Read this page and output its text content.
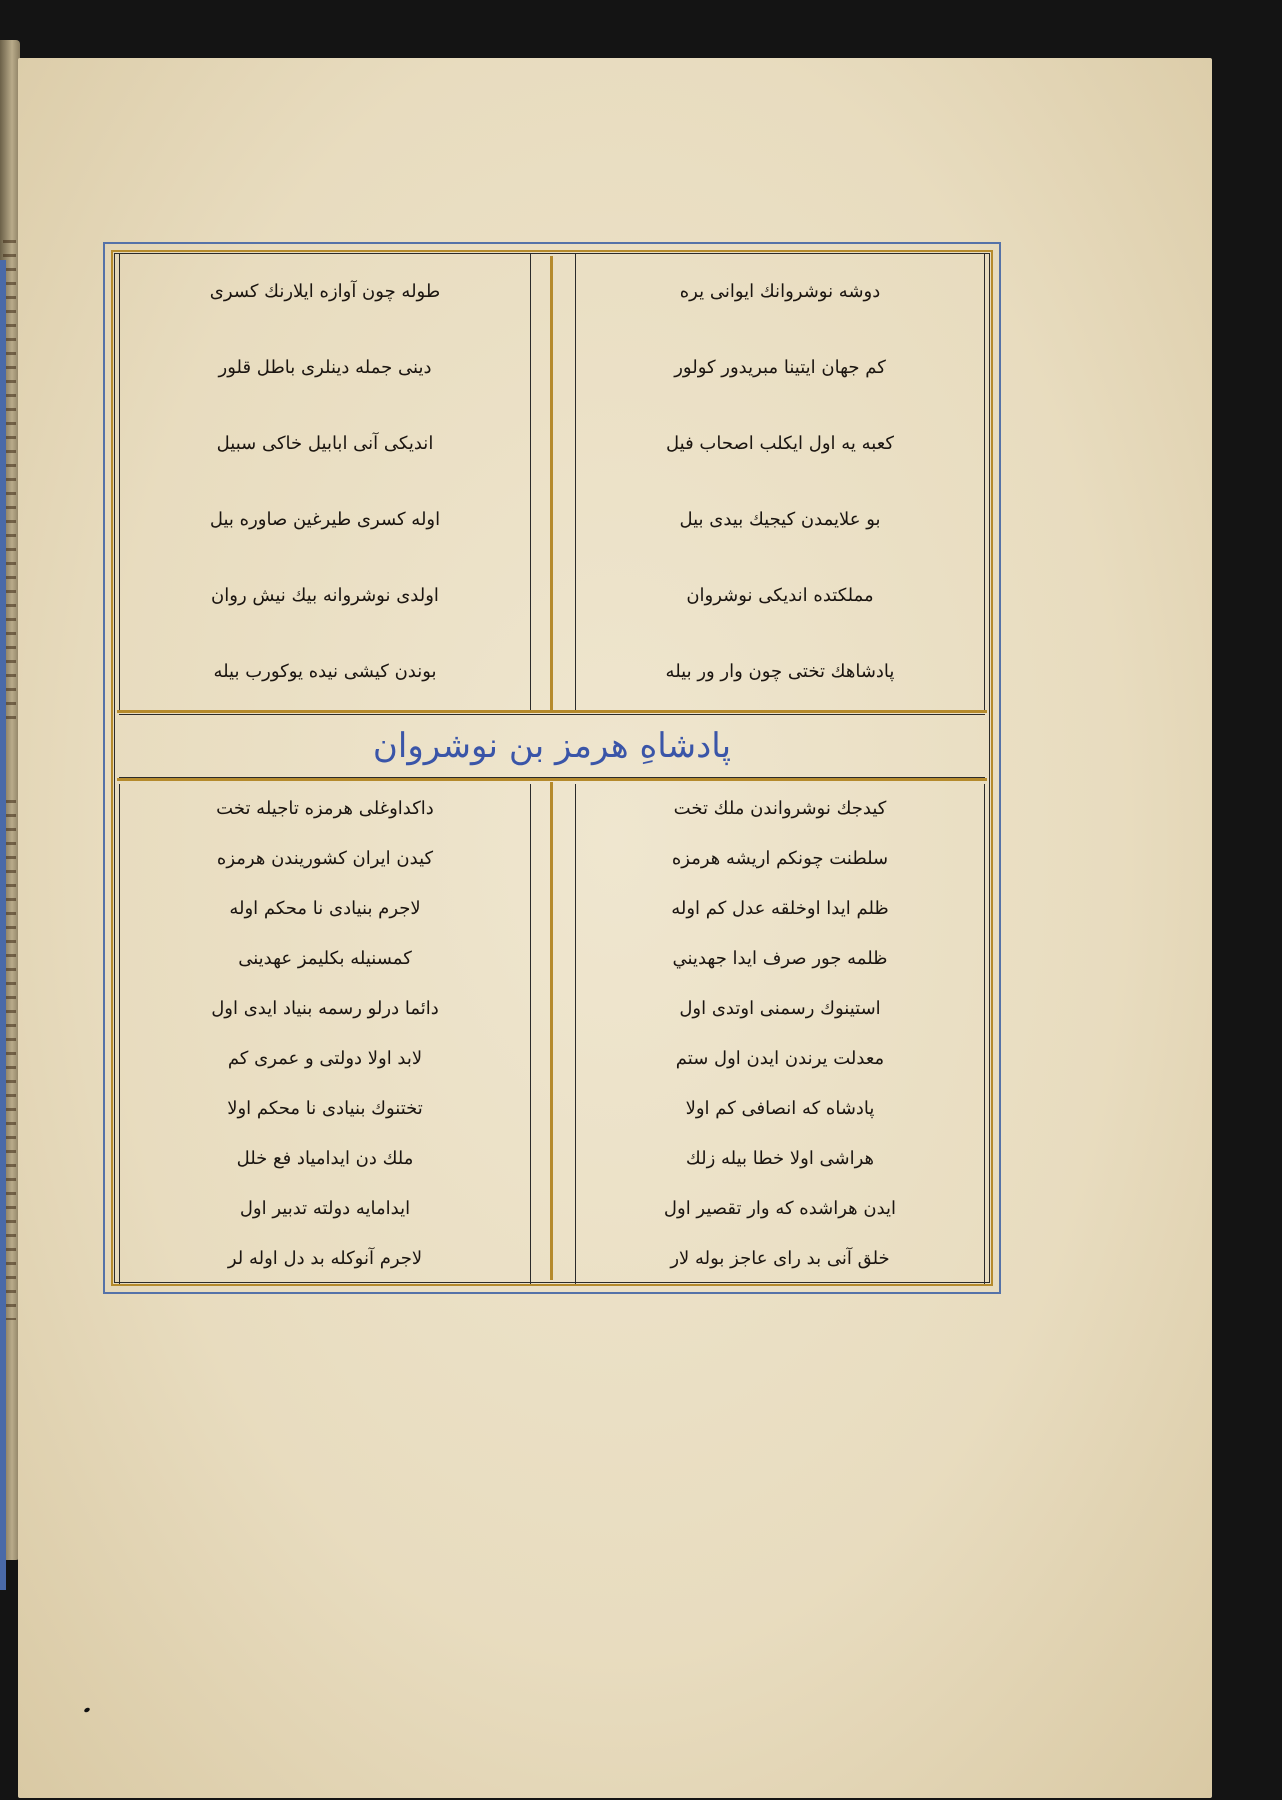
دوشه نوشروانك ايوانى يره
كم جهان ايتينا مبريدور كولور
كعبه يه اول ايكلب اصحاب فيل
بو علايمدن كيجيك بيدى بيل
مملكتده انديكى نوشروان
پادشاهك تختى چون وار ور بيله
طوله چون آوازه ايلارنك كسرى
دينى جمله دينلرى باطل قلور
انديكى آنى ابابيل خاكى سبيل
اوله كسرى طيرغين صاوره بيل
اولدى نوشروانه بيك نيش روان
بوندن كيشى نيده يوكورب بيله
پادشاهِ هرمز بن نوشروان
كيدجك نوشرواندن ملك تخت
سلطنت چونكم اريشه هرمزه
ظلم ايدا اوخلقه عدل كم اوله
ظلمه جور صرف ايدا جهديني
استينوك رسمنى اوتدى اول
معدلت يرندن ايدن اول ستم
پادشاه كه انصافى كم اولا
هراشى اولا خطا بيله زلك
ايدن هراشده كه وار تقصير اول
خلق آنى بد راى عاجز بوله لار
داكداوغلى هرمزه تاجيله تخت
كيدن ايران كشوريندن هرمزه
لاجرم بنيادى نا محكم اوله
كمسنيله بكليمز عهدينى
دائما درلو رسمه بنياد ايدى اول
لابد اولا دولتى و عمرى كم
تختنوك بنيادى نا محكم اولا
ملك دن ايدامياد فع خلل
ايدامايه دولته تدبير اول
لاجرم آنوكله بد دل اوله لر
